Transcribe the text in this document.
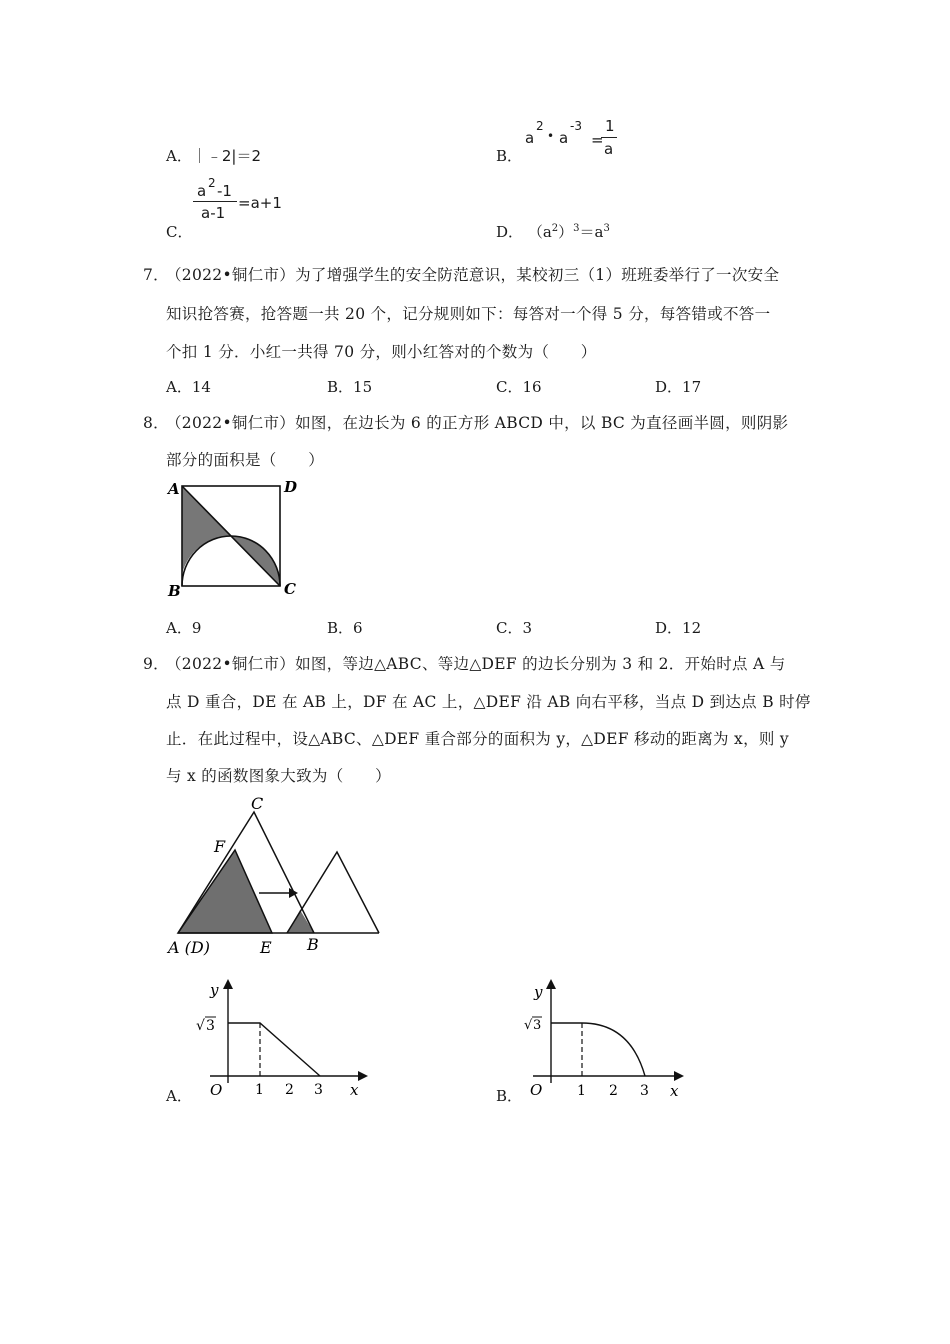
A．｜﹣2|＝2	B．
a
2
• a
-3
=
1
a
C．
a 2 -1
a-1
=a+1
D． $(a^2)^3=a^3$
7．
（2022•铜仁市）为了增强学生的安全防范意识，某校初三（1）班班委举行了一次安全
知识抢答赛，抢答题一共 20 个，记分规则如下：每答对一个得 5 分，每答错或不答一
个扣 1 分．小红一共得 70 分，则小红答对的个数为（　　）
A．14	B．15	C．16	D．17
8．
（2022•铜仁市）如图，在边长为 6 的正方形 ABCD 中，以 BC 为直径画半圆，则阴影
部分的面积是（　　）
A	D
B	C
A．9	B．6	C．3	D．12
9．
（2022•铜仁市）如图，等边△ABC、等边△DEF 的边长分别为 3 和 2．开始时点 A 与
点 D 重合，DE 在 AB 上，DF 在 AC 上，△DEF 沿 AB 向右平移，当点 D 到达点 B 时停
止．在此过程中，设△ABC、△DEF 重合部分的面积为 y，△DEF 移动的距离为 x，则 y
与 x 的函数图象大致为（　　）
C
F
A (D)	E B
A．
y
x
O
√ 3
1 2 3	B．
y
x
O
√ 3
1 2 3
